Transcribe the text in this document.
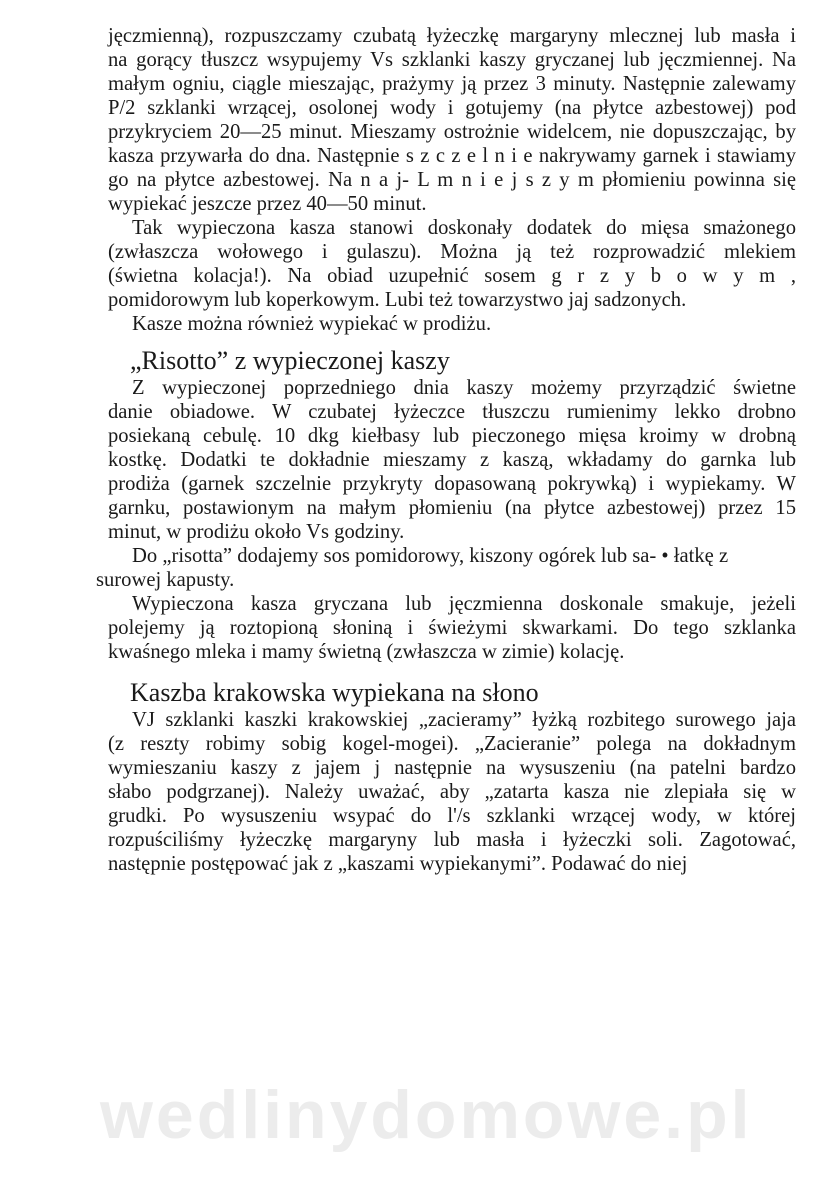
jęczmienną), rozpuszczamy czubatą łyżeczkę margaryny mlecznej lub masła i
na gorący tłuszcz wsypujemy Vs szklanki kaszy gryczanej lub jęczmiennej. Na
małym ogniu, ciągle mieszając, prażymy ją przez 3 minuty. Następnie zalewamy
P/2 szklanki wrzącej, osolonej wody i gotujemy (na płytce azbestowej) pod
przykryciem 20—25 minut. Mieszamy ostrożnie widelcem, nie dopuszczając, by
kasza przywarła do dna. Następnie s z c z e l n i e nakrywamy garnek i stawiamy
go na płytce azbestowej. Na n a j- L m n i e j s z y m płomieniu powinna się
wypiekać jeszcze przez 40—50 minut.
Tak wypieczona kasza stanowi doskonały dodatek do mięsa smażonego
(zwłaszcza wołowego i gulaszu). Można ją też rozprowadzić mlekiem
(świetna kolacja!). Na obiad uzupełnić sosem g r z y b o w y m ,
pomidorowym lub koperkowym. Lubi też towarzystwo jaj sadzonych.
Kasze można również wypiekać w prodiżu.
„Risotto” z wypieczonej kaszy
Z wypieczonej poprzedniego dnia kaszy możemy przyrządzić świetne
danie obiadowe. W czubatej łyżeczce tłuszczu rumienimy lekko drobno
posiekaną cebulę. 10 dkg kiełbasy lub pieczonego mięsa kroimy w drobną
kostkę. Dodatki te dokładnie mieszamy z kaszą, wkładamy do garnka lub
prodiża (garnek szczelnie przykryty dopasowaną pokrywką) i wypiekamy. W
garnku, postawionym na małym płomieniu (na płytce azbestowej) przez 15
minut, w prodiżu około Vs godziny.
Do „risotta” dodajemy sos pomidorowy, kiszony ogórek lub sa- • łatkę z
surowej kapusty.
Wypieczona kasza gryczana lub jęczmienna doskonale smakuje, jeżeli
polejemy ją roztopioną słoniną i świeżymi skwarkami. Do tego szklanka
kwaśnego mleka i mamy świetną (zwłaszcza w zimie) kolację.
Kaszba krakowska wypiekana na słono
VJ szklanki kaszki krakowskiej „zacieramy” łyżką rozbitego surowego jaja
(z reszty robimy sobig kogel-mogei). „Zacieranie” polega na dokładnym
wymieszaniu kaszy z jajem j następnie na wysuszeniu (na patelni bardzo
słabo podgrzanej). Należy uważać, aby „zatarta kasza nie zlepiała się w
grudki. Po wysuszeniu wsypać do l'/s szklanki wrzącej wody, w której
rozpuściliśmy łyżeczkę margaryny lub masła i łyżeczki soli. Zagotować,
następnie postępować jak z „kaszami wypiekanymi”. Podawać do niej
wedlinydomowe.pl
